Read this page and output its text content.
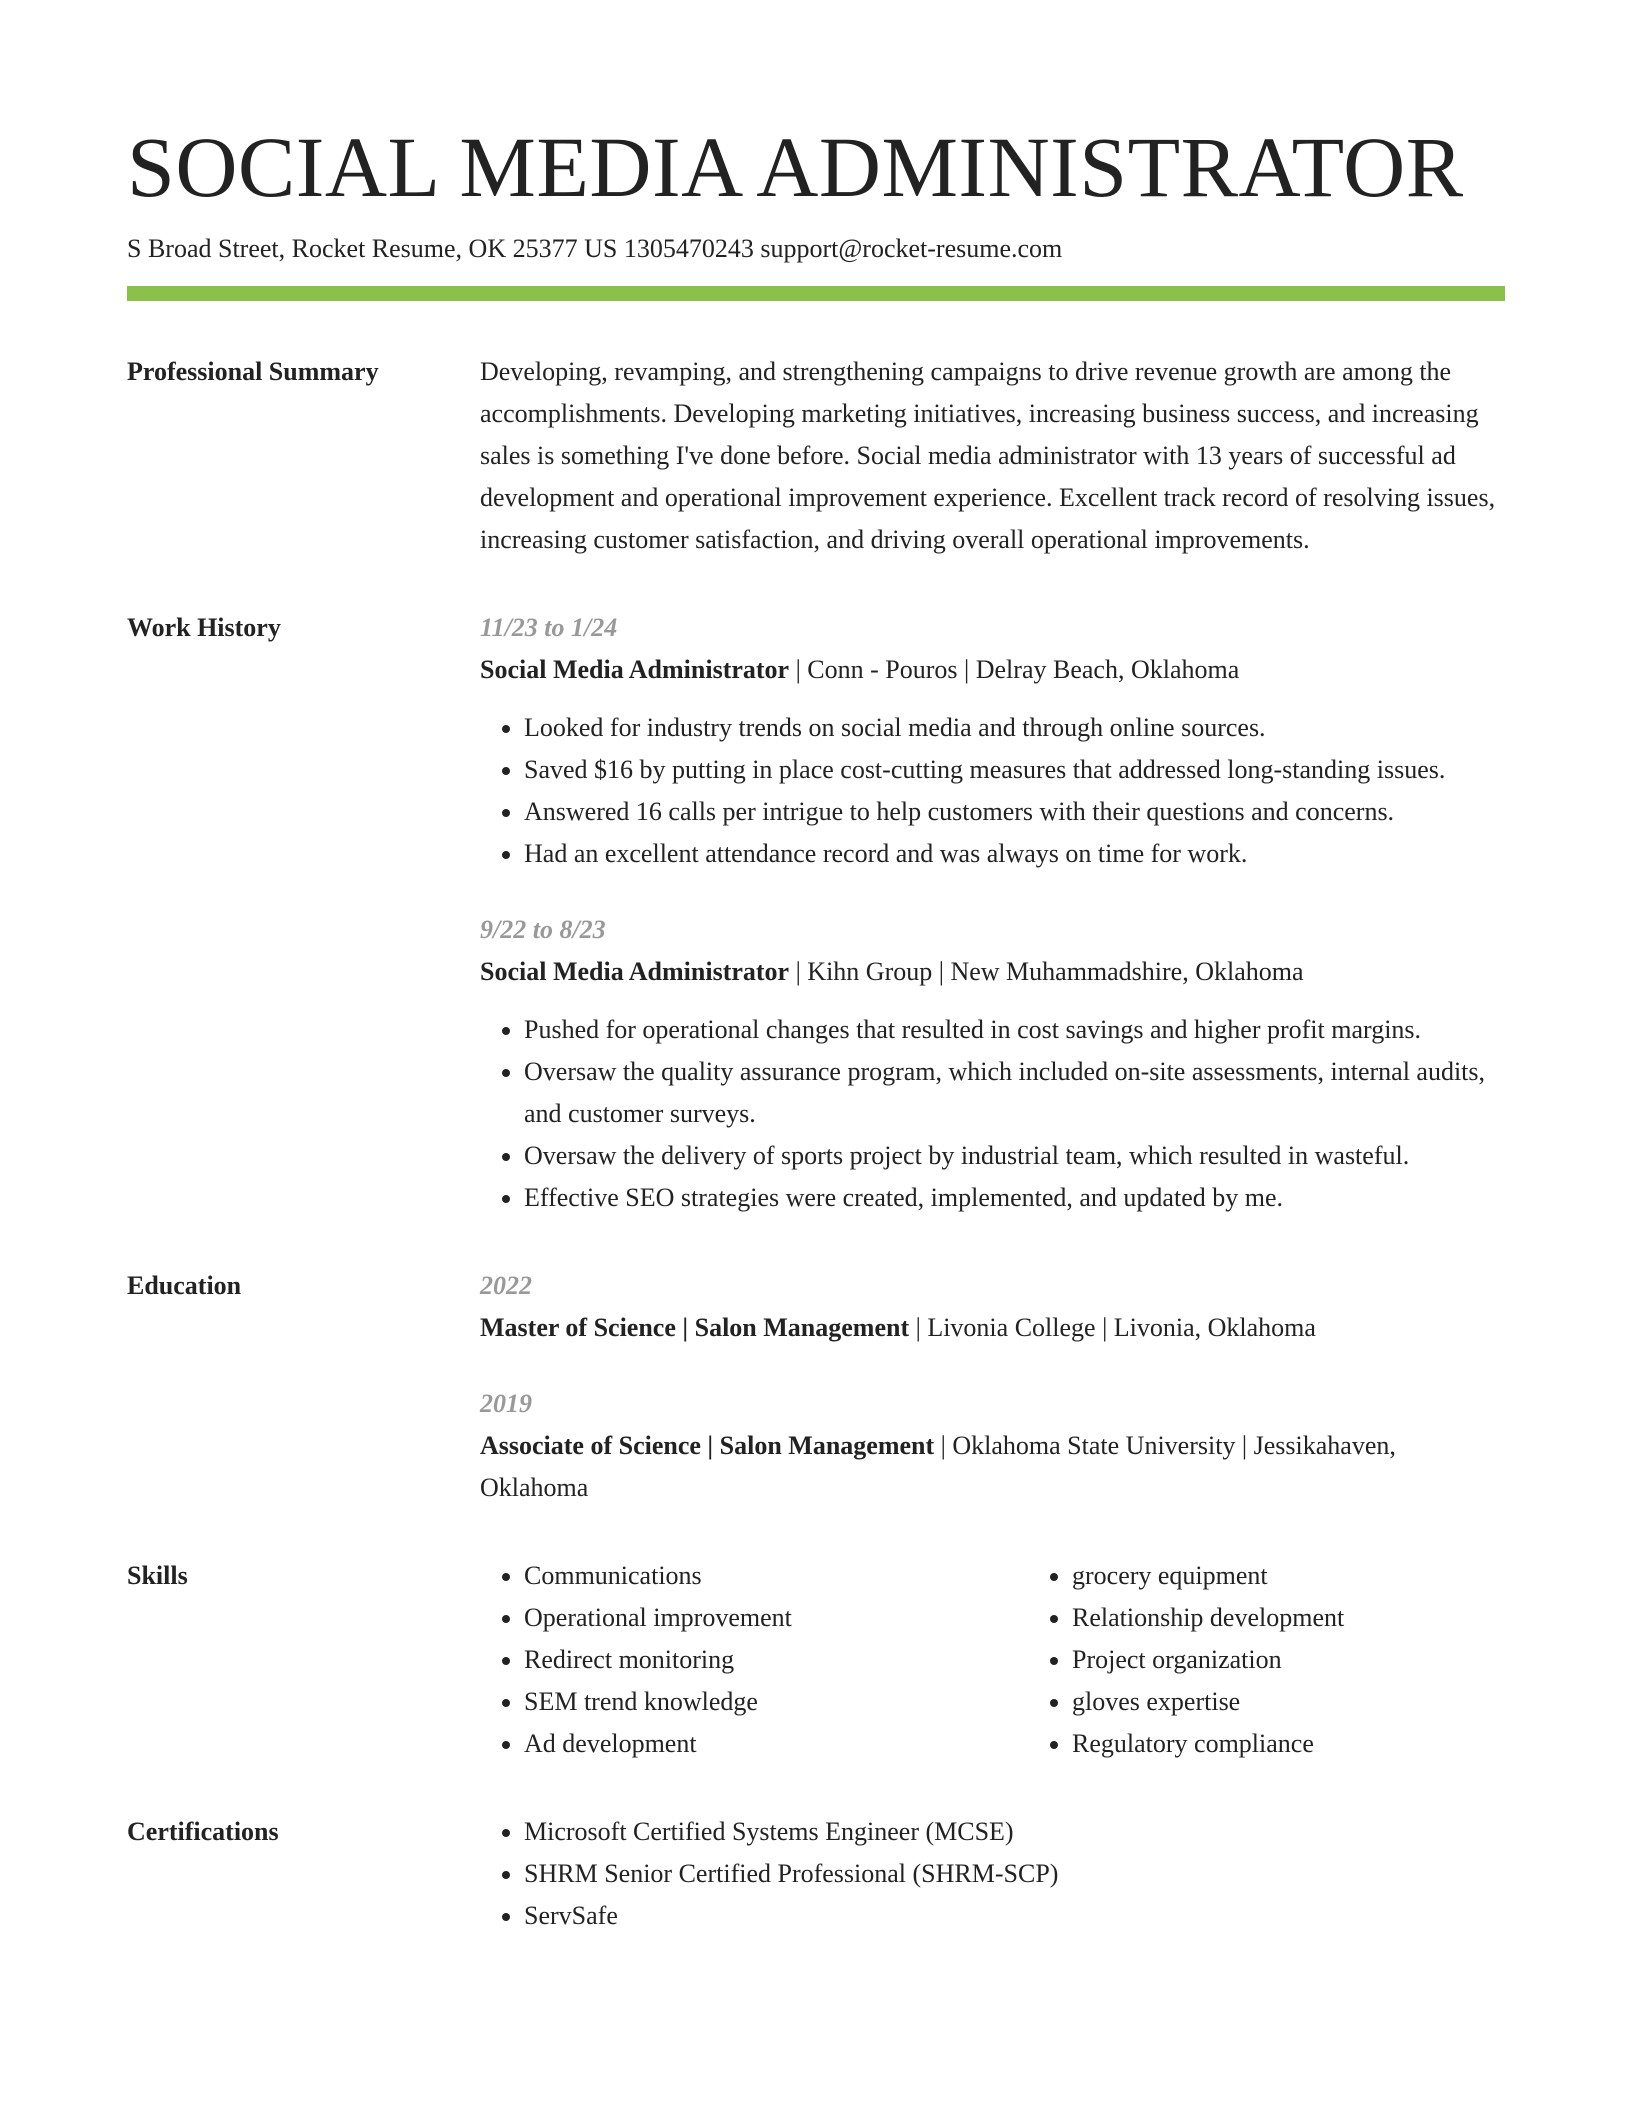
SOCIAL MEDIA ADMINISTRATOR
S Broad Street, Rocket Resume, OK 25377 US 1305470243 support@rocket-resume.com
Professional Summary	Developing, revamping, and strengthening campaigns to drive revenue growth are among the accomplishments. Developing marketing initiatives, increasing business success, and increasing sales is something I've done before. Social media administrator with 13 years of successful ad development and operational improvement experience. Excellent track record of resolving issues, increasing customer satisfaction, and driving overall operational improvements.

Work History	11/23 to 1/24
Social Media Administrator | Conn - Pouros | Delray Beach, Oklahoma
• Looked for industry trends on social media and through online sources.
• Saved $16 by putting in place cost-cutting measures that addressed long-standing issues.
• Answered 16 calls per intrigue to help customers with their questions and concerns.
• Had an excellent attendance record and was always on time for work.
9/22 to 8/23
Social Media Administrator | Kihn Group | New Muhammadshire, Oklahoma
• Pushed for operational changes that resulted in cost savings and higher profit margins.
• Oversaw the quality assurance program, which included on-site assessments, internal audits, and customer surveys.
• Oversaw the delivery of sports project by industrial team, which resulted in wasteful.
• Effective SEO strategies were created, implemented, and updated by me.
Education	2022
Master of Science | Salon Management | Livonia College | Livonia, Oklahoma
2019
Associate of Science | Salon Management | Oklahoma State University | Jessikahaven, Oklahoma
Skills	• Communications
• Operational improvement
• Redirect monitoring
• SEM trend knowledge
• Ad development
• grocery equipment
• Relationship development
• Project organization
• gloves expertise
• Regulatory compliance
Certifications	• Microsoft Certified Systems Engineer (MCSE)
• SHRM Senior Certified Professional (SHRM-SCP)
• ServSafe
